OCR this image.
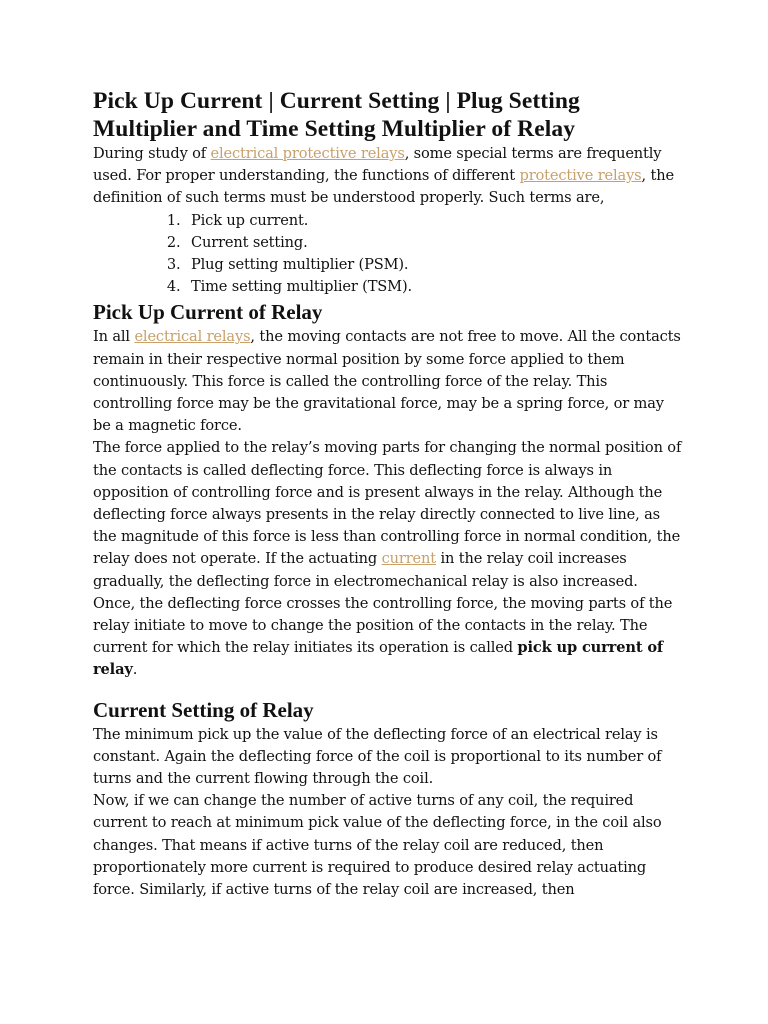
Pick Up Current | Current Setting | Plug Setting Multiplier and Time Setting Multiplier of Relay

During study of electrical protective relays, some special terms are frequently used. For proper understanding, the functions of different protective relays, the definition of such terms must be understood properly. Such terms are,

1. Pick up current.
2. Current setting.
3. Plug setting multiplier (PSM).
4. Time setting multiplier (TSM).
Pick Up Current of Relay

In all electrical relays, the moving contacts are not free to move. All the contacts remain in their respective normal position by some force applied to them continuously. This force is called the controlling force of the relay. This controlling force may be the gravitational force, may be a spring force, or may be a magnetic force.

The force applied to the relay’s moving parts for changing the normal position of the contacts is called deflecting force. This deflecting force is always in opposition of controlling force and is present always in the relay. Although the deflecting force always presents in the relay directly connected to live line, as the magnitude of this force is less than controlling force in normal condition, the relay does not operate. If the actuating current in the relay coil increases gradually, the deflecting force in electromechanical relay is also increased. Once, the deflecting force crosses the controlling force, the moving parts of the relay initiate to move to change the position of the contacts in the relay. The current for which the relay initiates its operation is called pick up current of relay.

Current Setting of Relay

The minimum pick up the value of the deflecting force of an electrical relay is constant. Again the deflecting force of the coil is proportional to its number of turns and the current flowing through the coil.

Now, if we can change the number of active turns of any coil, the required current to reach at minimum pick value of the deflecting force, in the coil also changes. That means if active turns of the relay coil are reduced, then proportionately more current is required to produce desired relay actuating force. Similarly, if active turns of the relay coil are increased, then
